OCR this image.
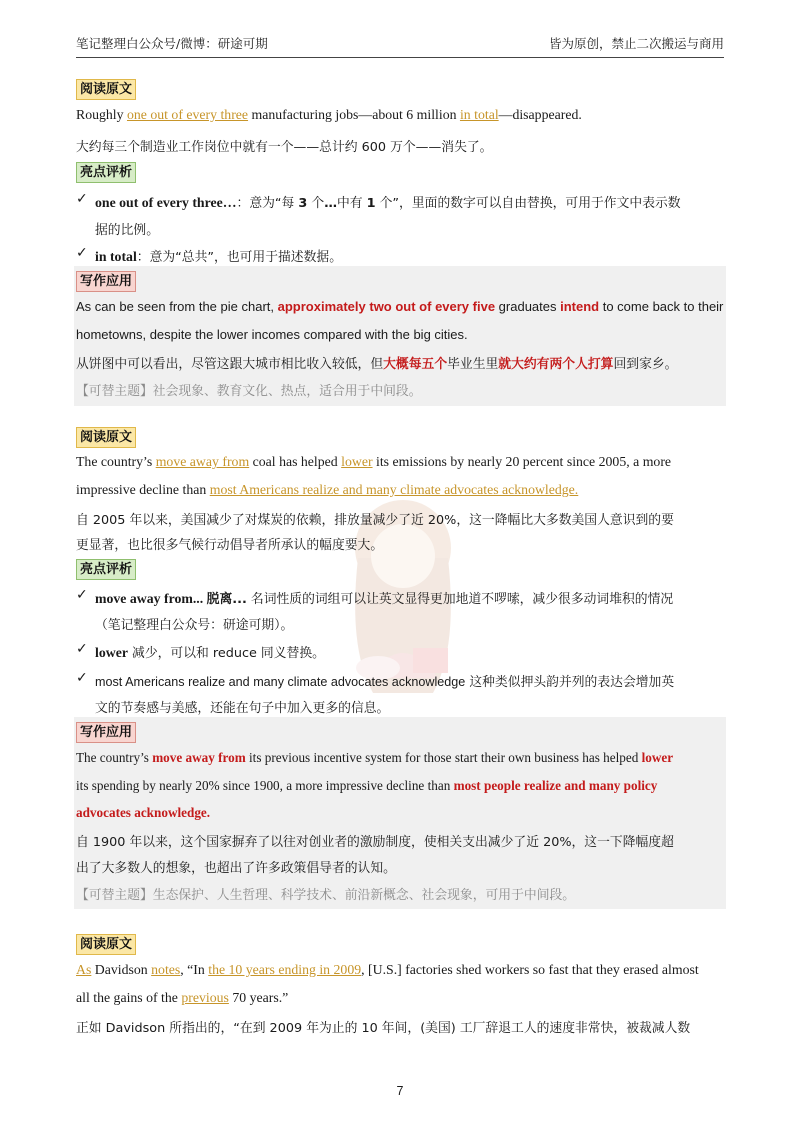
笔记整理白公众号/微博：研途可期	皆为原创，禁止二次搬运与商用
阅读原文
Roughly one out of every three manufacturing jobs—about 6 million in total—disappeared.
大约每三个制造业工作岗位中就有一个——总计约 600 万个——消失了。
亮点评析
✓ one out of every three…：意为“每 3 个…中有 1 个”，里面的数字可以自由替换，可用于作文中表示数
据的比例。
✓ in total：意为“总共”，也可用于描述数据。
写作应用
As can be seen from the pie chart, approximately two out of every five graduates intend to come back to their
hometowns, despite the lower incomes compared with the big cities.
从饼图中可以看出，尽管这跟大城市相比收入较低，但大概每五个毕业生里就大约有两个人打算回到家乡。
【可替主题】社会现象、教育文化、热点，适合用于中间段。
阅读原文
The country’s move away from coal has helped lower its emissions by nearly 20 percent since 2005, a more
impressive decline than most Americans realize and many climate advocates acknowledge.
自 2005 年以来，美国减少了对煤炭的依赖，排放量减少了近 20%，这一降幅比大多数美国人意识到的要
更显著，也比很多气候行动倡导者所承认的幅度要大。
亮点评析
✓ move away from... 脱离... 名词性质的词组可以让英文显得更加地道不啰嗦，减少很多动词堆积的情况
（笔记整理白公众号：研途可期）。
✓ lower 减少，可以和 reduce 同义替换。
✓ most Americans realize and many climate advocates acknowledge 这种类似押头韵并列的表达会增加英
文的节奏感与美感，还能在句子中加入更多的信息。
写作应用
The country’s move away from its previous incentive system for those start their own business has helped lower
its spending by nearly 20% since 1900, a more impressive decline than most people realize and many policy
advocates acknowledge.
自 1900 年以来，这个国家摒弃了以往对创业者的激励制度，使相关支出减少了近 20%，这一下降幅度超
出了大多数人的想象，也超出了许多政策倡导者的认知。
【可替主题】生态保护、人生哲理、科学技术、前沿新概念、社会现象，可用于中间段。
阅读原文
As Davidson notes, “In the 10 years ending in 2009, [U.S.] factories shed workers so fast that they erased almost
all the gains of the previous 70 years.”
正如 Davidson 所指出的，“在到 2009 年为止的 10 年间，(美国) 工厂辞退工人的速度非常快，被裁减人数
7
